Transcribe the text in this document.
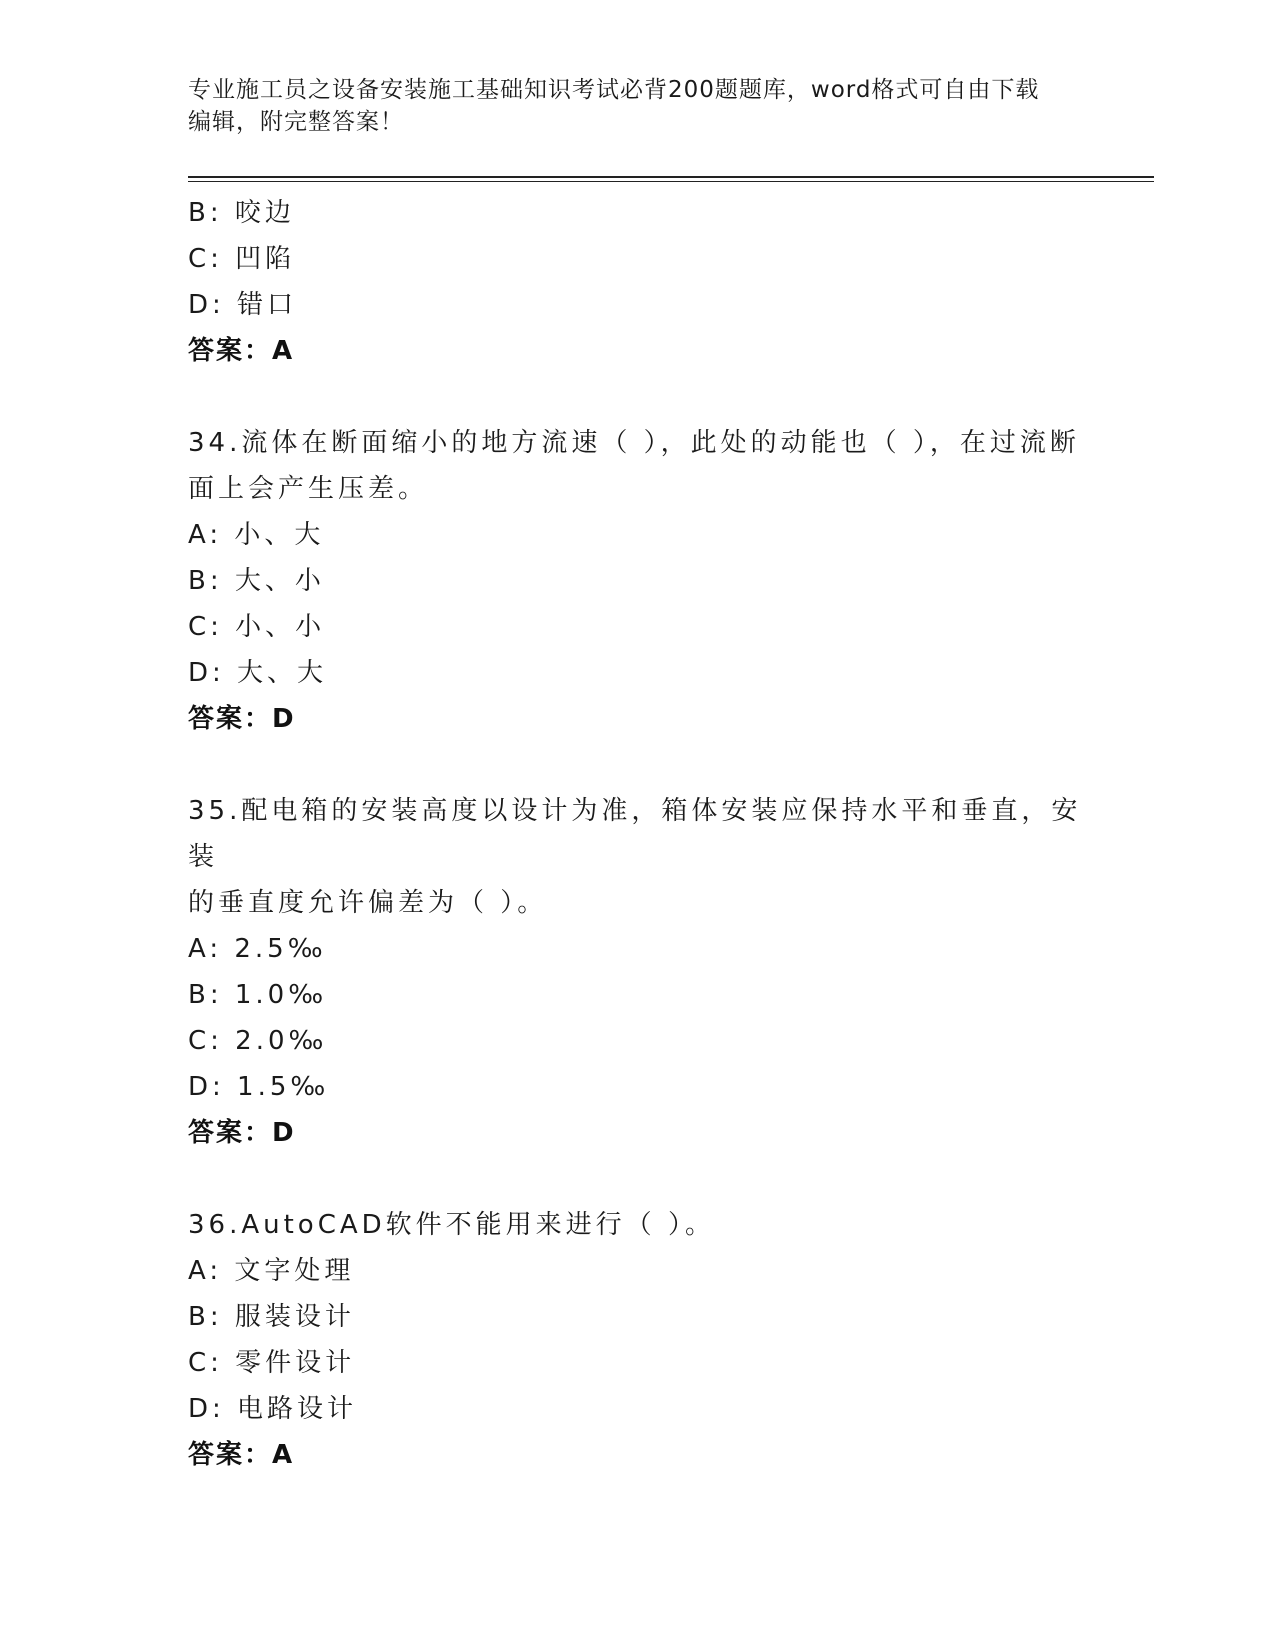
专业施工员之设备安装施工基础知识考试必背200题题库，word格式可自由下载
编辑，附完整答案！
B: 咬边
C: 凹陷
D: 错口
答案：A
34.流体在断面缩小的地方流速（ ），此处的动能也（ ），在过流断
面上会产生压差。
A: 小、大
B: 大、小
C: 小、小
D: 大、大
答案：D
35.配电箱的安装高度以设计为准，箱体安装应保持水平和垂直，安装
的垂直度允许偏差为（ ）。
A: 2.5‰
B: 1.0‰
C: 2.0‰
D: 1.5‰
答案：D
36.AutoCAD软件不能用来进行（ ）。
A: 文字处理
B: 服装设计
C: 零件设计
D: 电路设计
答案：A
